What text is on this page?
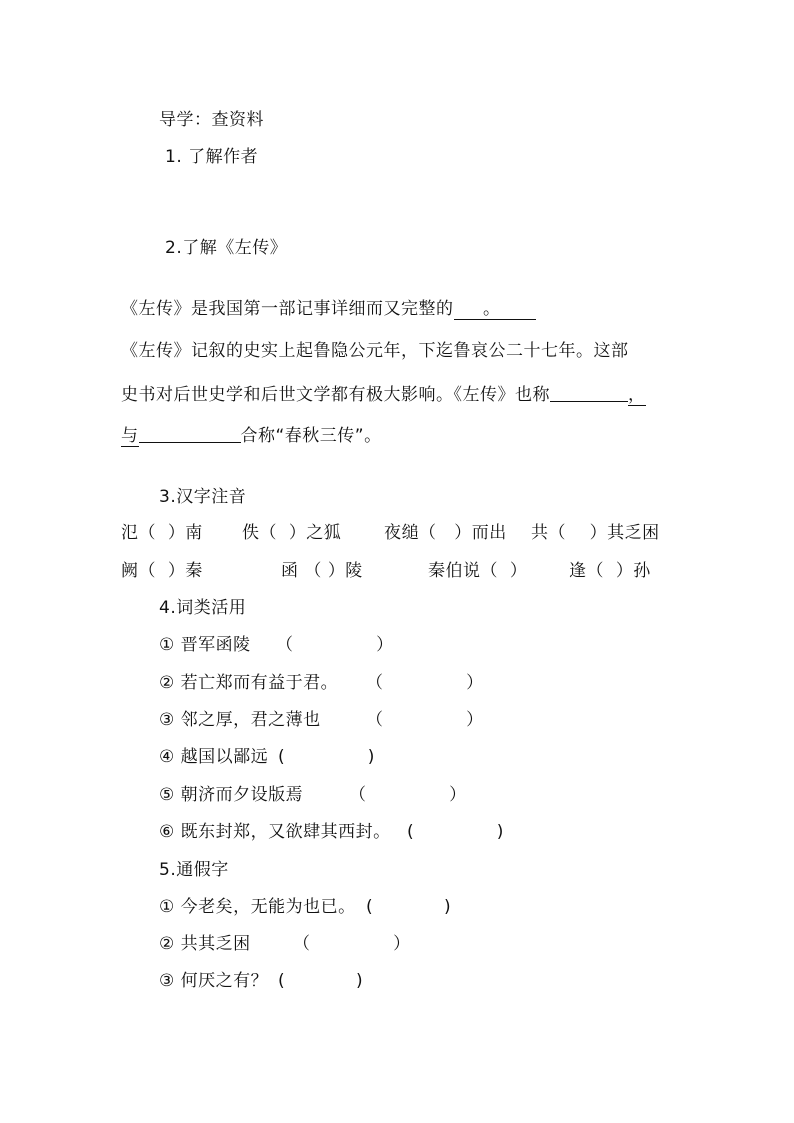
导学：查资料
1. 了解作者
2.了解《左传》
《左传》是我国第一部记事详细而又完整的 。
《左传》记叙的史实上起鲁隐公元年，下迄鲁哀公二十七年。这部
史书对后世史学和后世文学都有极大影响。《左传》也称	，
与	合称“春秋三传”。
3.汉字注音
氾（ ）南 佚（ ）之狐	夜缒（ ）而出 共（ ）其乏困
阙（ ）秦	函 （ ）陵	秦伯说（ ） 逢（ ）孙
4.词类活用
① 晋军函陵 （              ）
② 若亡郑而有益于君。 （              ）
③ 邻之厚，君之薄也	（              ）
④ 越国以鄙远 (              )
⑤ 朝济而夕设版焉	（              ）
⑥ 既东封郑，又欲肆其西封。 (              )
5.通假字
① 今老矣，无能为也已。 (            )
② 共其乏困 （              ）
③ 何厌之有？ (            )
